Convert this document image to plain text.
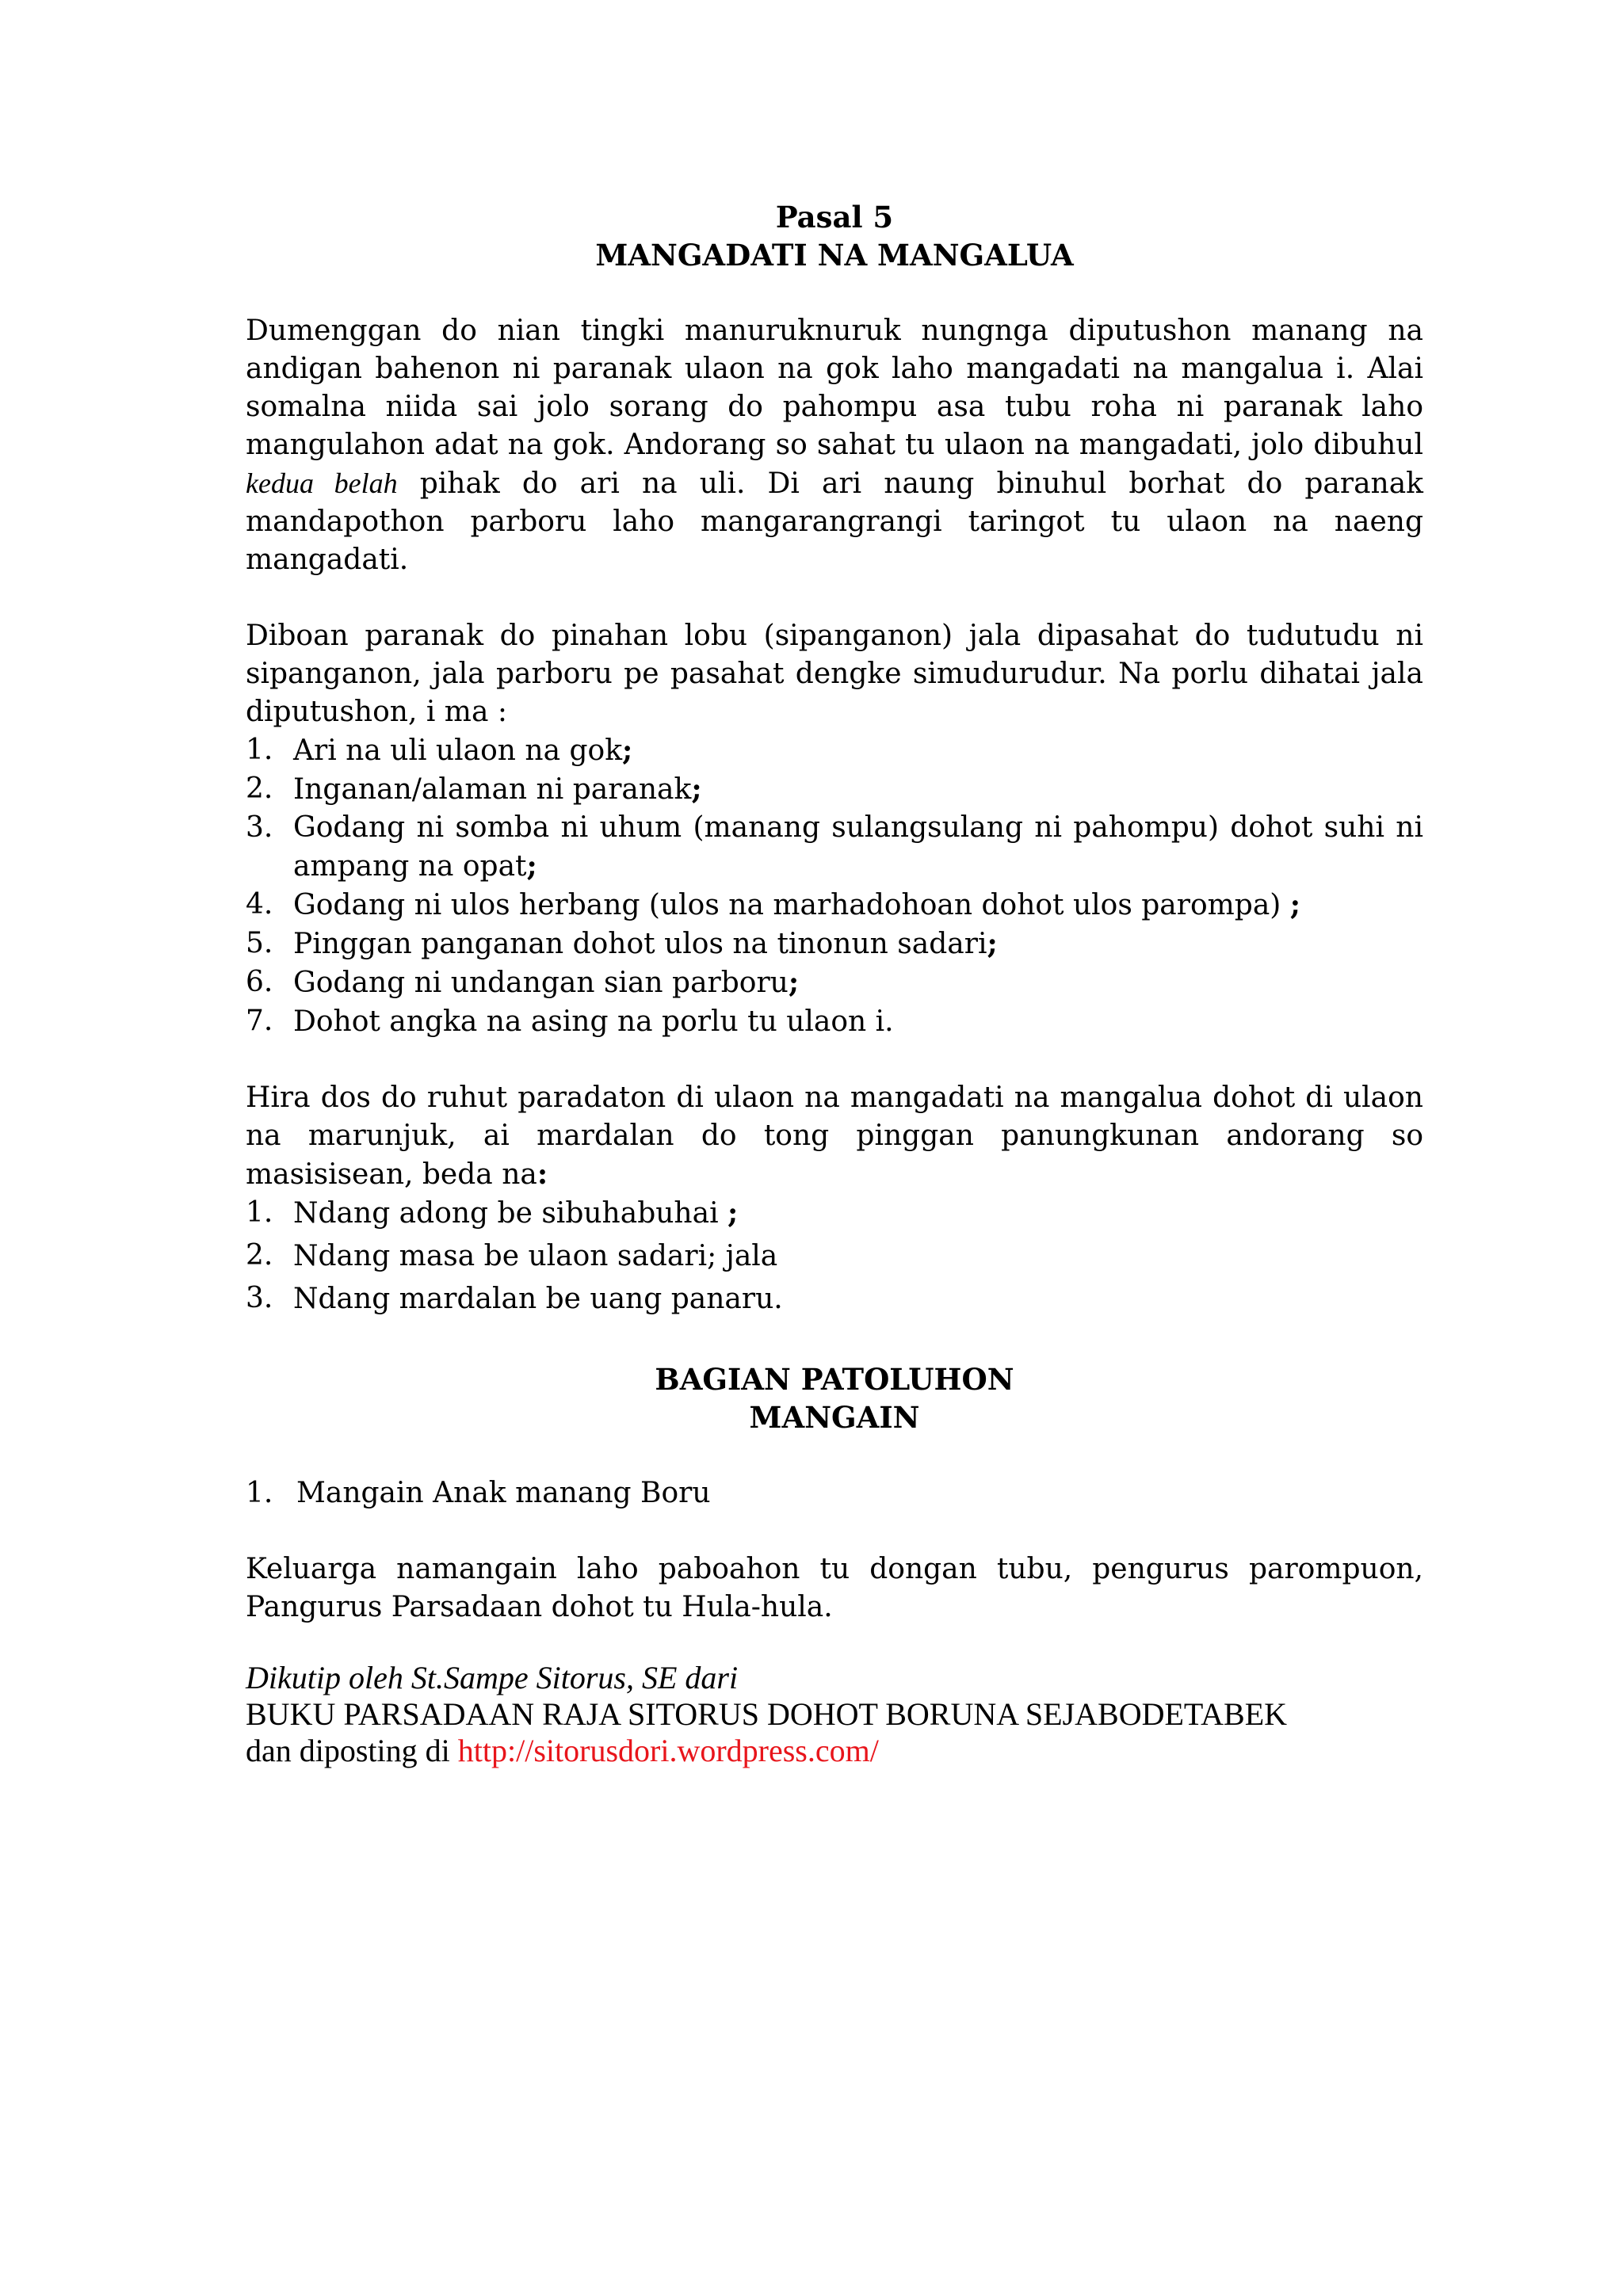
Pasal 5

MANGADATI NA MANGALUA

Dumenggan do nian tingki manuruknuruk nungnga diputushon manang na andigan bahenon ni paranak ulaon na gok laho mangadati na mangalua i. Alai somalna niida sai jolo sorang do pahompu asa tubu roha ni paranak laho mangulahon adat na gok. Andorang so sahat tu ulaon na mangadati, jolo dibuhul kedua belah pihak do ari na uli. Di ari naung binuhul borhat do paranak mandapothon parboru laho mangarangrangi taringot tu ulaon na naeng mangadati.

Diboan paranak do pinahan lobu (sipanganon) jala dipasahat do tudutudu ni sipanganon, jala parboru pe pasahat dengke simudurudur. Na porlu dihatai jala diputushon, i ma :

1. Ari na uli ulaon na gok;
2. Inganan/alaman ni paranak;
3. Godang ni somba ni uhum (manang sulangsulang ni pahompu) dohot suhi ni ampang na opat;
4. Godang ni ulos herbang (ulos na marhadohoan dohot ulos parompa) ;
5. Pinggan panganan dohot ulos na tinonun sadari;
6. Godang ni undangan sian parboru;
7. Dohot angka na asing na porlu tu ulaon i.

Hira dos do ruhut paradaton di ulaon na mangadati na mangalua dohot di ulaon na marunjuk, ai mardalan do tong pinggan panungkunan andorang so masisisean, beda na:

1. Ndang adong be sibuhabuhai ;
2. Ndang masa be ulaon sadari; jala
3. Ndang mardalan be uang panaru.

BAGIAN PATOLUHON

MANGAIN

1. Mangain Anak manang Boru

Keluarga namangain laho paboahon tu dongan tubu, pengurus parompuon, Pangurus Parsadaan dohot tu Hula-hula.

Dikutip oleh St.Sampe Sitorus, SE dari

BUKU PARSADAAN RAJA SITORUS DOHOT BORUNA SEJABODETABEK

dan diposting di http://sitorusdori.wordpress.com/
